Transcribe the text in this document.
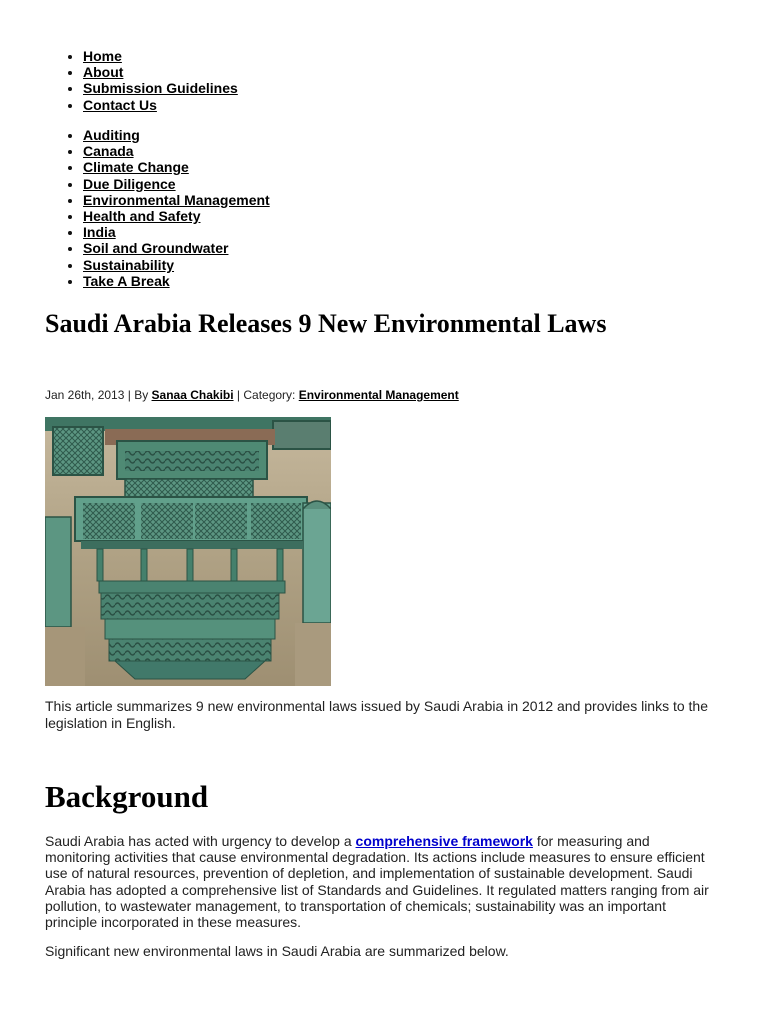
• Home
• About
• Submission Guidelines
• Contact Us
• Auditing
• Canada
• Climate Change
• Due Diligence
• Environmental Management
• Health and Safety
• India
• Soil and Groundwater
• Sustainability
• Take A Break
Saudi Arabia Releases 9 New Environmental Laws

Jan 26th, 2013 | By Sanaa Chakibi | Category: Environmental Management

This article summarizes 9 new environmental laws issued by Saudi Arabia in 2012 and provides links to the legislation in English.

Background

Saudi Arabia has acted with urgency to develop a comprehensive framework for measuring and monitoring activities that cause environmental degradation. Its actions include measures to ensure efficient use of natural resources, prevention of depletion, and implementation of sustainable development. Saudi Arabia has adopted a comprehensive list of Standards and Guidelines. It regulated matters ranging from air pollution, to wastewater management, to transportation of chemicals; sustainability was an important principle incorporated in these measures.

Significant new environmental laws in Saudi Arabia are summarized below.
